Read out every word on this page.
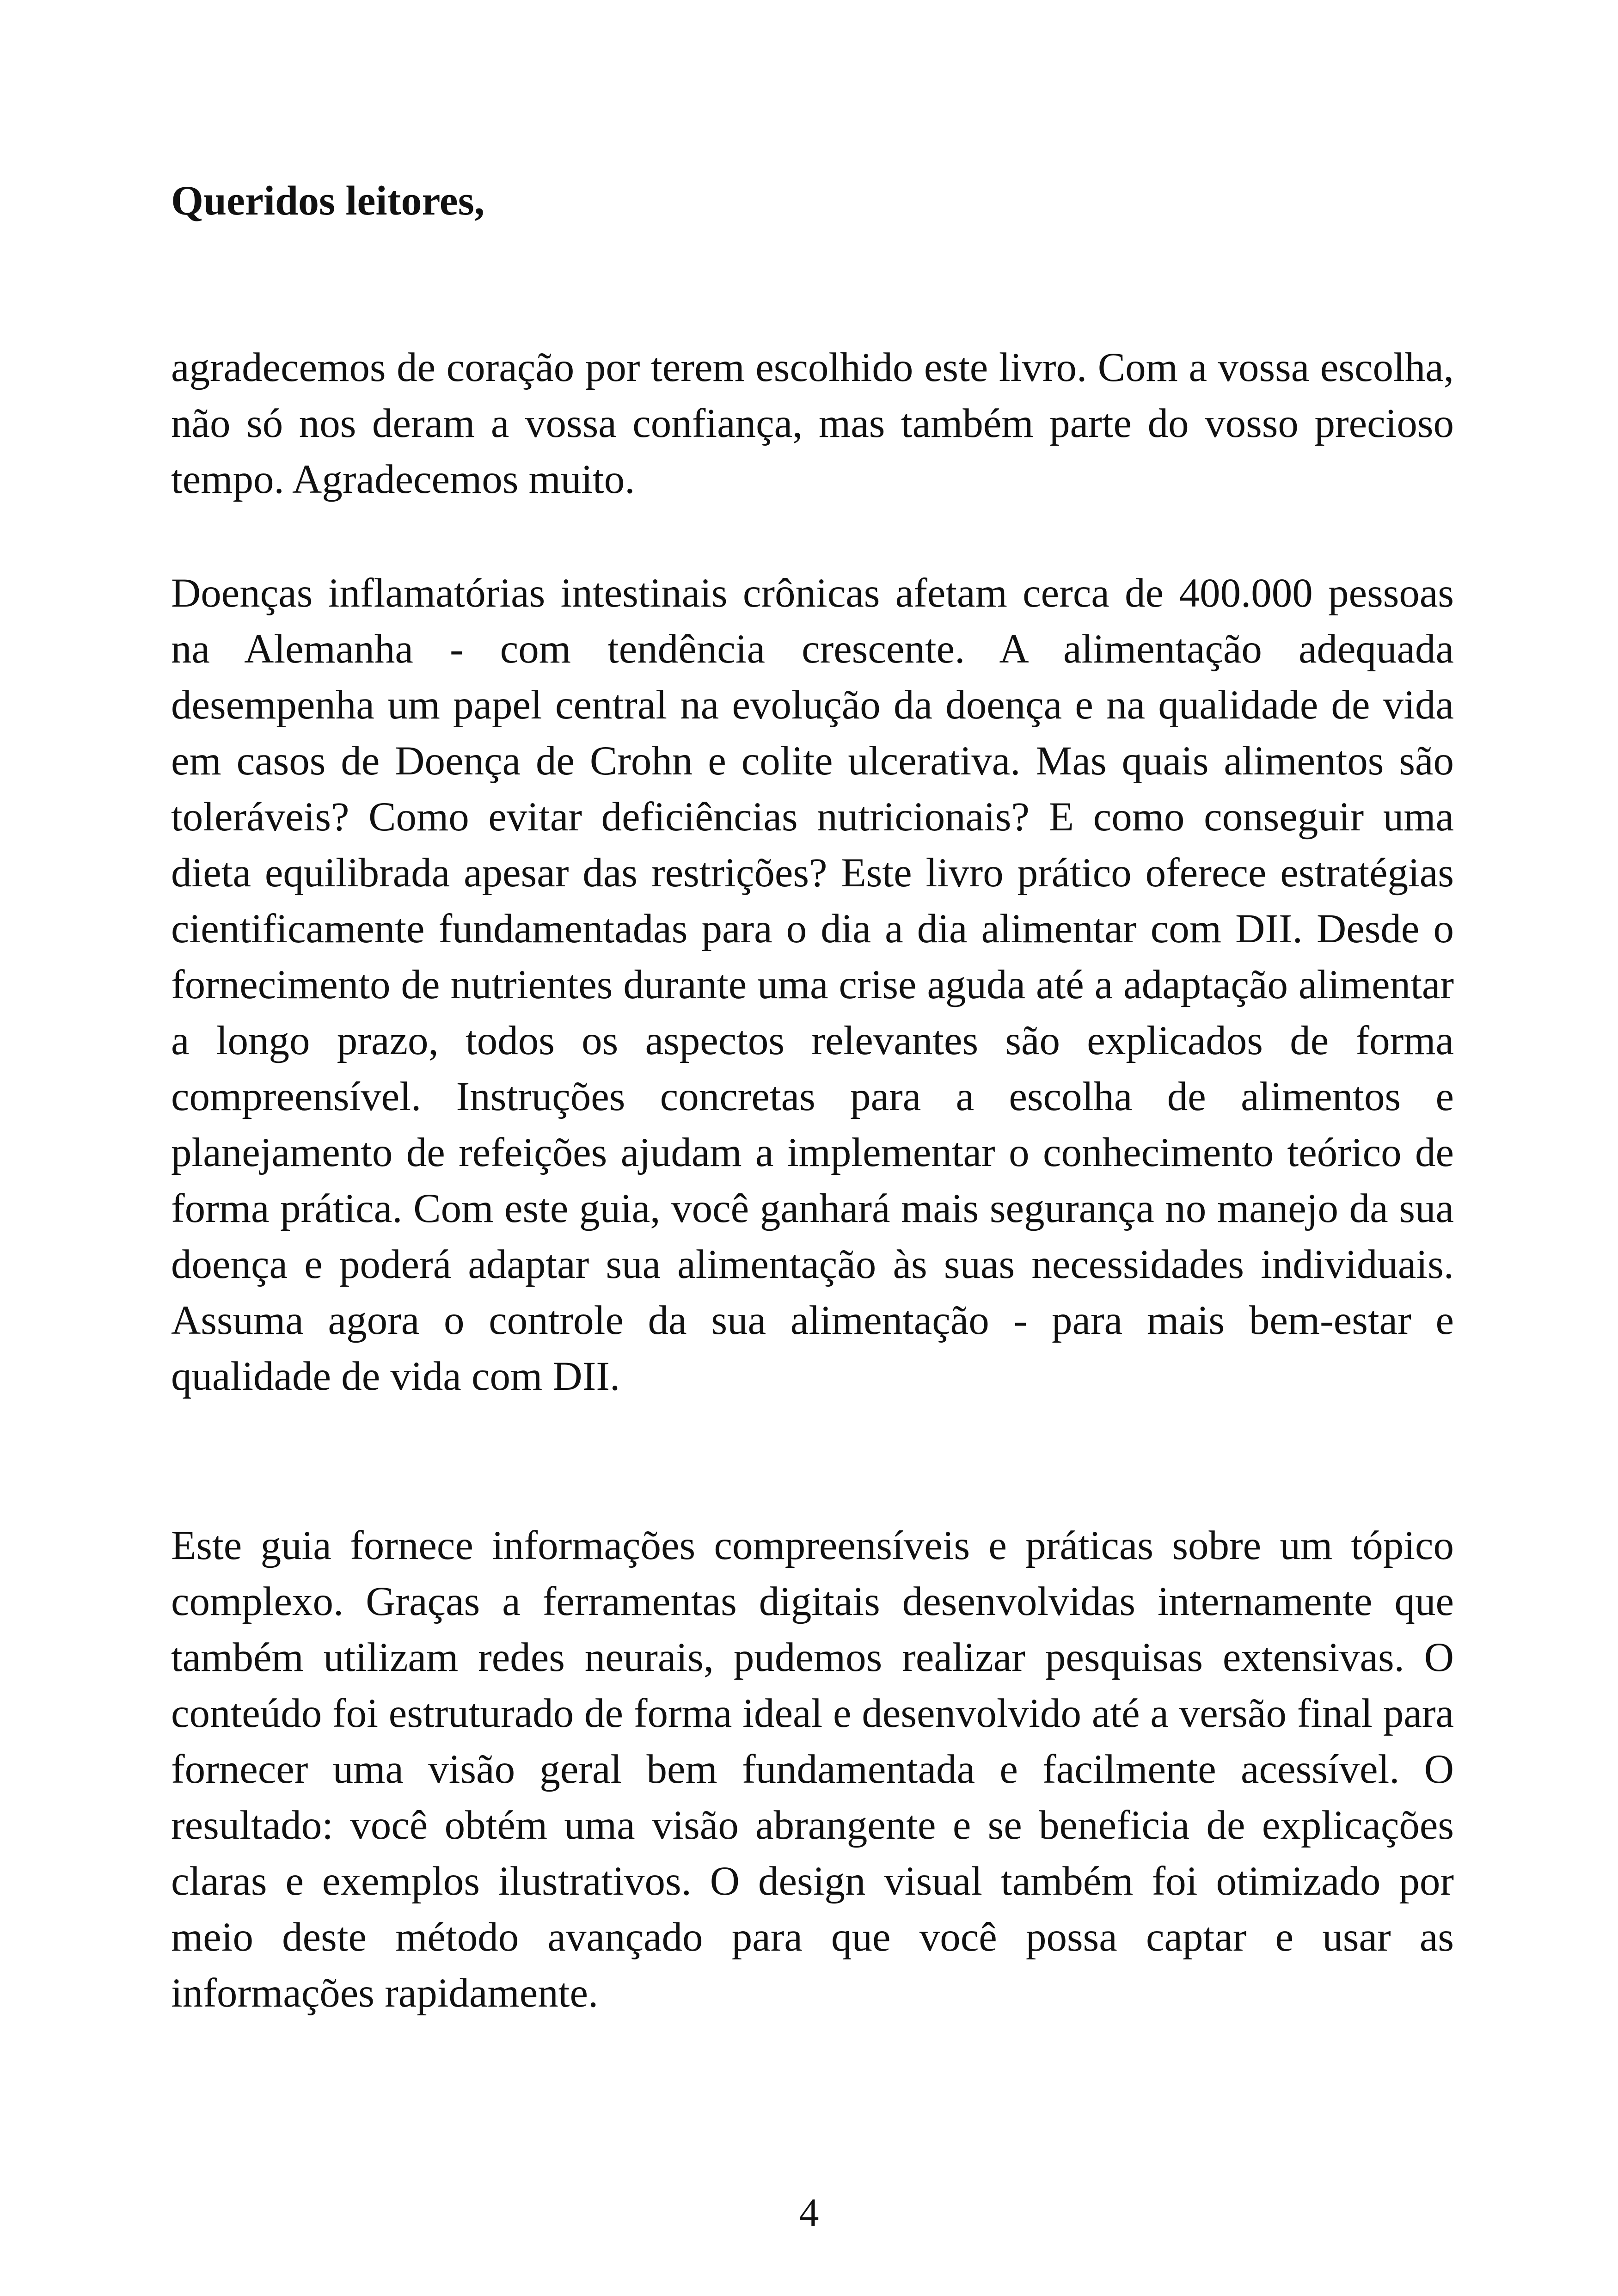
Queridos leitores,

agradecemos de coração por terem escolhido este livro. Com a vossa escolha, não só nos deram a vossa confiança, mas também parte do vosso precioso tempo. Agradecemos muito.

Doenças inflamatórias intestinais crônicas afetam cerca de 400.000 pessoas na Alemanha - com tendência crescente. A alimentação adequada desempenha um papel central na evolução da doença e na qualidade de vida em casos de Doença de Crohn e colite ulcerativa. Mas quais alimentos são toleráveis? Como evitar deficiências nutricionais? E como conseguir uma dieta equilibrada apesar das restrições? Este livro prático oferece estratégias cientificamente fundamentadas para o dia a dia alimentar com DII. Desde o fornecimento de nutrientes durante uma crise aguda até a adaptação alimentar a longo prazo, todos os aspectos relevantes são explicados de forma compreensível. Instruções concretas para a escolha de alimentos e planejamento de refeições ajudam a implementar o conhecimento teórico de forma prática. Com este guia, você ganhará mais segurança no manejo da sua doença e poderá adaptar sua alimentação às suas necessidades individuais. Assuma agora o controle da sua alimentação - para mais bem-estar e qualidade de vida com DII.

Este guia fornece informações compreensíveis e práticas sobre um tópico complexo. Graças a ferramentas digitais desenvolvidas internamente que também utilizam redes neurais, pudemos realizar pesquisas extensivas. O conteúdo foi estruturado de forma ideal e desenvolvido até a versão final para fornecer uma visão geral bem fundamentada e facilmente acessível. O resultado: você obtém uma visão abrangente e se beneficia de explicações claras e exemplos ilustrativos. O design visual também foi otimizado por meio deste método avançado para que você possa captar e usar as informações rapidamente.

4
